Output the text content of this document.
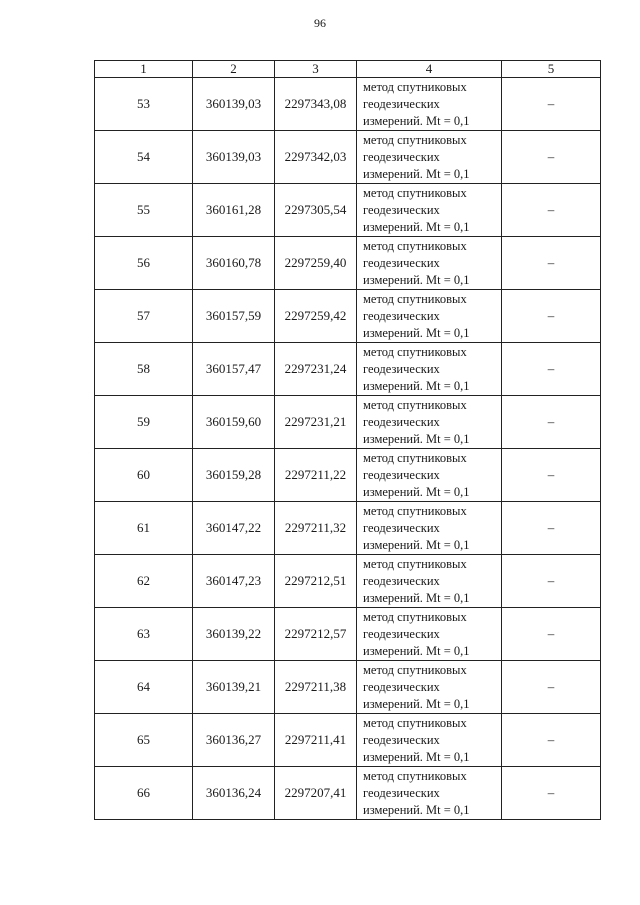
96
1	2	3	4	5
53	360139,03	2297343,08	метод спутниковых
геодезических
измерений. Mt = 0,1	–
54	360139,03	2297342,03	метод спутниковых
геодезических
измерений. Mt = 0,1	–
55	360161,28	2297305,54	метод спутниковых
геодезических
измерений. Mt = 0,1	–
56	360160,78	2297259,40	метод спутниковых
геодезических
измерений. Mt = 0,1	–
57	360157,59	2297259,42	метод спутниковых
геодезических
измерений. Mt = 0,1	–
58	360157,47	2297231,24	метод спутниковых
геодезических
измерений. Mt = 0,1	–
59	360159,60	2297231,21	метод спутниковых
геодезических
измерений. Mt = 0,1	–
60	360159,28	2297211,22	метод спутниковых
геодезических
измерений. Mt = 0,1	–
61	360147,22	2297211,32	метод спутниковых
геодезических
измерений. Mt = 0,1	–
62	360147,23	2297212,51	метод спутниковых
геодезических
измерений. Mt = 0,1	–
63	360139,22	2297212,57	метод спутниковых
геодезических
измерений. Mt = 0,1	–
64	360139,21	2297211,38	метод спутниковых
геодезических
измерений. Mt = 0,1	–
65	360136,27	2297211,41	метод спутниковых
геодезических
измерений. Mt = 0,1	–
66	360136,24	2297207,41	метод спутниковых
геодезических
измерений. Mt = 0,1	–
